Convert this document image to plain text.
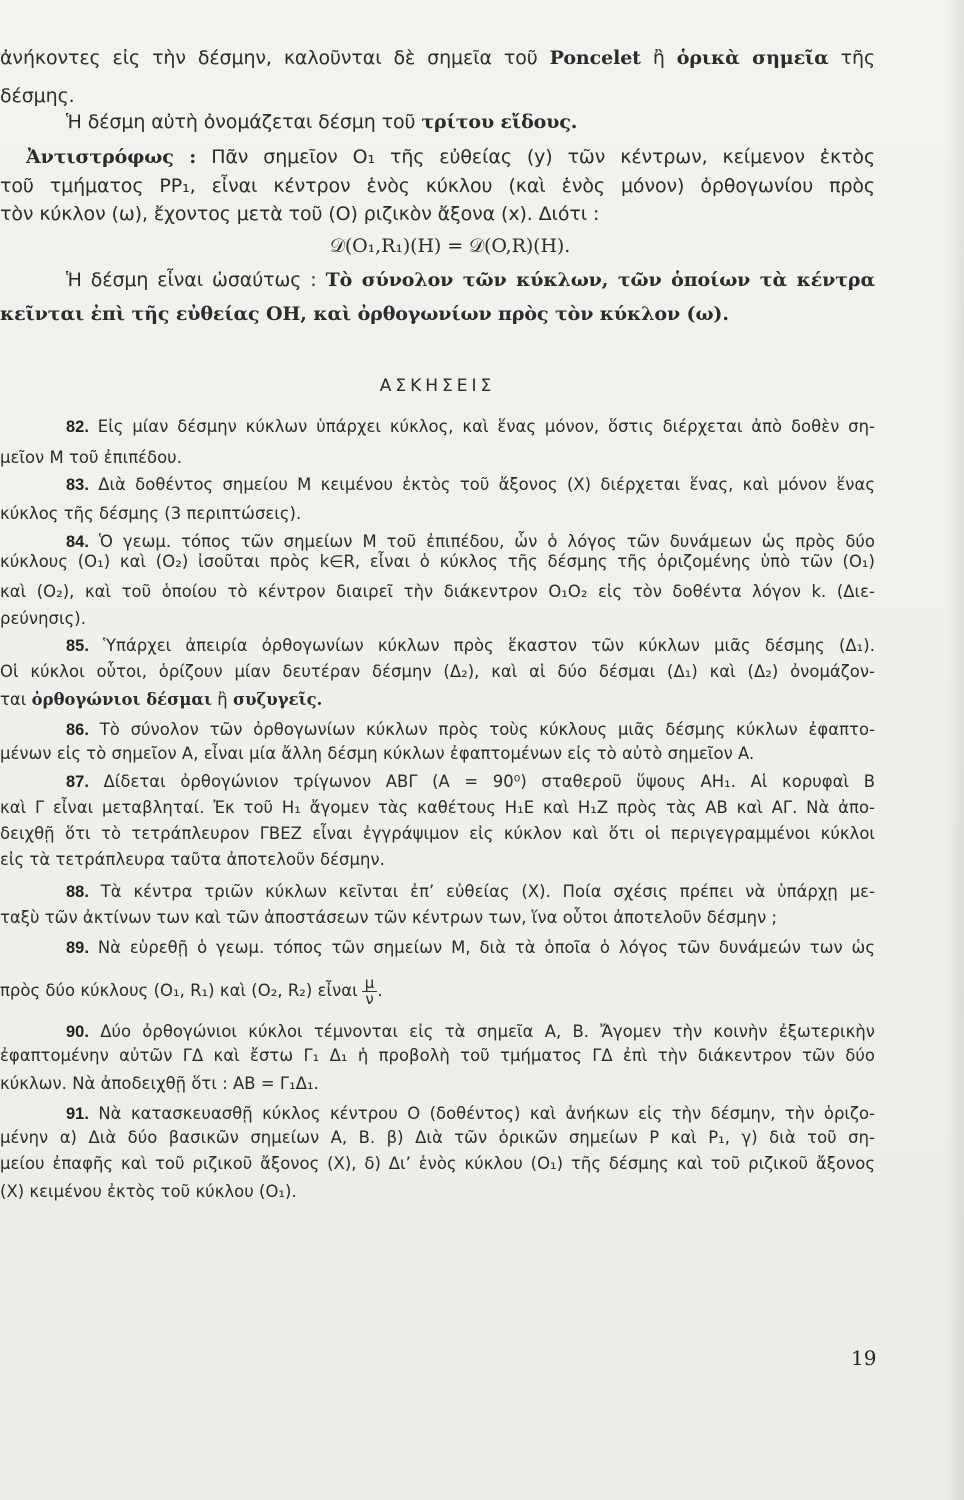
ἀνήκοντες εἰς τὴν δέσμην, καλοῦνται δὲ σημεῖα τοῦ Poncelet ἢ ὁρικὰ σημεῖα τῆς
δέσμης.
Ἡ δέσμη αὐτὴ ὀνομάζεται δέσμη τοῦ τρίτου εἴδους.
Ἀντιστρόφως : Πᾶν σημεῖον O₁ τῆς εὐθείας (y) τῶν κέντρων, κείμενον ἐκτὸς
τοῦ τμήματος PP₁, εἶναι κέντρον ἑνὸς κύκλου (καὶ ἑνὸς μόνον) ὀρθογωνίου πρὸς
τὸν κύκλον (ω), ἔχοντος μετὰ τοῦ (O) ριζικὸν ἄξονα (x). Διότι :
𝒟(O₁,R₁)(H) = 𝒟(O,R)(H).
Ἡ δέσμη εἶναι ὡσαύτως : Τὸ σύνολον τῶν κύκλων, τῶν ὁποίων τὰ κέντρα
κεῖνται ἐπὶ τῆς εὐθείας OH, καὶ ὀρθογωνίων πρὸς τὸν κύκλον (ω).
ΑΣΚΗΣΕΙΣ
82. Εἰς μίαν δέσμην κύκλων ὑπάρχει κύκλος, καὶ ἕνας μόνον, ὅστις διέρχεται ἀπὸ δοθὲν ση-
μεῖον M τοῦ ἐπιπέδου.
83. Διὰ δοθέντος σημείου M κειμένου ἐκτὸς τοῦ ἄξονος (X) διέρχεται ἕνας, καὶ μόνον ἕνας
κύκλος τῆς δέσμης (3 περιπτώσεις).
84. Ὁ γεωμ. τόπος τῶν σημείων M τοῦ ἐπιπέδου, ὧν ὁ λόγος τῶν δυνάμεων ὡς πρὸς δύο
κύκλους (O₁) καὶ (O₂) ἰσοῦται πρὸς k∈R, εἶναι ὁ κύκλος τῆς δέσμης τῆς ὁριζομένης ὑπὸ τῶν (O₁)
καὶ (O₂), καὶ τοῦ ὁποίου τὸ κέντρον διαιρεῖ τὴν διάκεντρον O₁O₂ εἰς τὸν δοθέντα λόγον k. (Διε-
ρεύνησις).
85. Ὑπάρχει ἀπειρία ὀρθογωνίων κύκλων πρὸς ἕκαστον τῶν κύκλων μιᾶς δέσμης (Δ₁).
Οἱ κύκλοι οὗτοι, ὁρίζουν μίαν δευτέραν δέσμην (Δ₂), καὶ αἱ δύο δέσμαι (Δ₁) καὶ (Δ₂) ὀνομάζον-
ται ὀρθογώνιοι δέσμαι ἢ συζυγεῖς.
86. Τὸ σύνολον τῶν ὀρθογωνίων κύκλων πρὸς τοὺς κύκλους μιᾶς δέσμης κύκλων ἐφαπτο-
μένων εἰς τὸ σημεῖον A, εἶναι μία ἄλλη δέσμη κύκλων ἐφαπτομένων εἰς τὸ αὐτὸ σημεῖον A.
87. Δίδεται ὀρθογώνιον τρίγωνον ΑΒΓ (Α = 90⁰) σταθεροῦ ὕψους AH₁. Αἱ κορυφαὶ B
καὶ Γ εἶναι μεταβληταί. Ἐκ τοῦ H₁ ἄγομεν τὰς καθέτους H₁E καὶ H₁Z πρὸς τὰς AB καὶ AΓ. Νὰ ἀπο-
δειχθῇ ὅτι τὸ τετράπλευρον ΓΒΕΖ εἶναι ἐγγράψιμον εἰς κύκλον καὶ ὅτι οἱ περιγεγραμμένοι κύκλοι
εἰς τὰ τετράπλευρα ταῦτα ἀποτελοῦν δέσμην.
88. Τὰ κέντρα τριῶν κύκλων κεῖνται ἐπ’ εὐθείας (X). Ποία σχέσις πρέπει νὰ ὑπάρχῃ με-
ταξὺ τῶν ἀκτίνων των καὶ τῶν ἀποστάσεων τῶν κέντρων των, ἵνα οὗτοι ἀποτελοῦν δέσμην ;
89. Νὰ εὑρεθῇ ὁ γεωμ. τόπος τῶν σημείων M, διὰ τὰ ὁποῖα ὁ λόγος τῶν δυνάμεών των ὡς
πρὸς δύο κύκλους (O₁, R₁) καὶ (O₂, R₂) εἶναι $\frac{\mu}{\nu}$ .
90. Δύο ὀρθογώνιοι κύκλοι τέμνονται εἰς τὰ σημεῖα A, B. Ἄγομεν τὴν κοινὴν ἐξωτερικὴν
ἐφαπτομένην αὐτῶν ΓΔ καὶ ἔστω Γ₁ Δ₁ ἡ προβολὴ τοῦ τμήματος ΓΔ ἐπὶ τὴν διάκεντρον τῶν δύο
κύκλων. Νὰ ἀποδειχθῇ ὅτι : AB = Γ₁Δ₁.
91. Νὰ κατασκευασθῇ κύκλος κέντρου O (δοθέντος) καὶ ἀνήκων εἰς τὴν δέσμην, τὴν ὁριζο-
μένην α) Διὰ δύο βασικῶν σημείων A, B. β) Διὰ τῶν ὁρικῶν σημείων P καὶ P₁, γ) διὰ τοῦ ση-
μείου ἐπαφῆς καὶ τοῦ ριζικοῦ ἄξονος (X), δ) Δι’ ἑνὸς κύκλου (O₁) τῆς δέσμης καὶ τοῦ ριζικοῦ ἄξονος
(X) κειμένου ἐκτὸς τοῦ κύκλου (O₁).
19
